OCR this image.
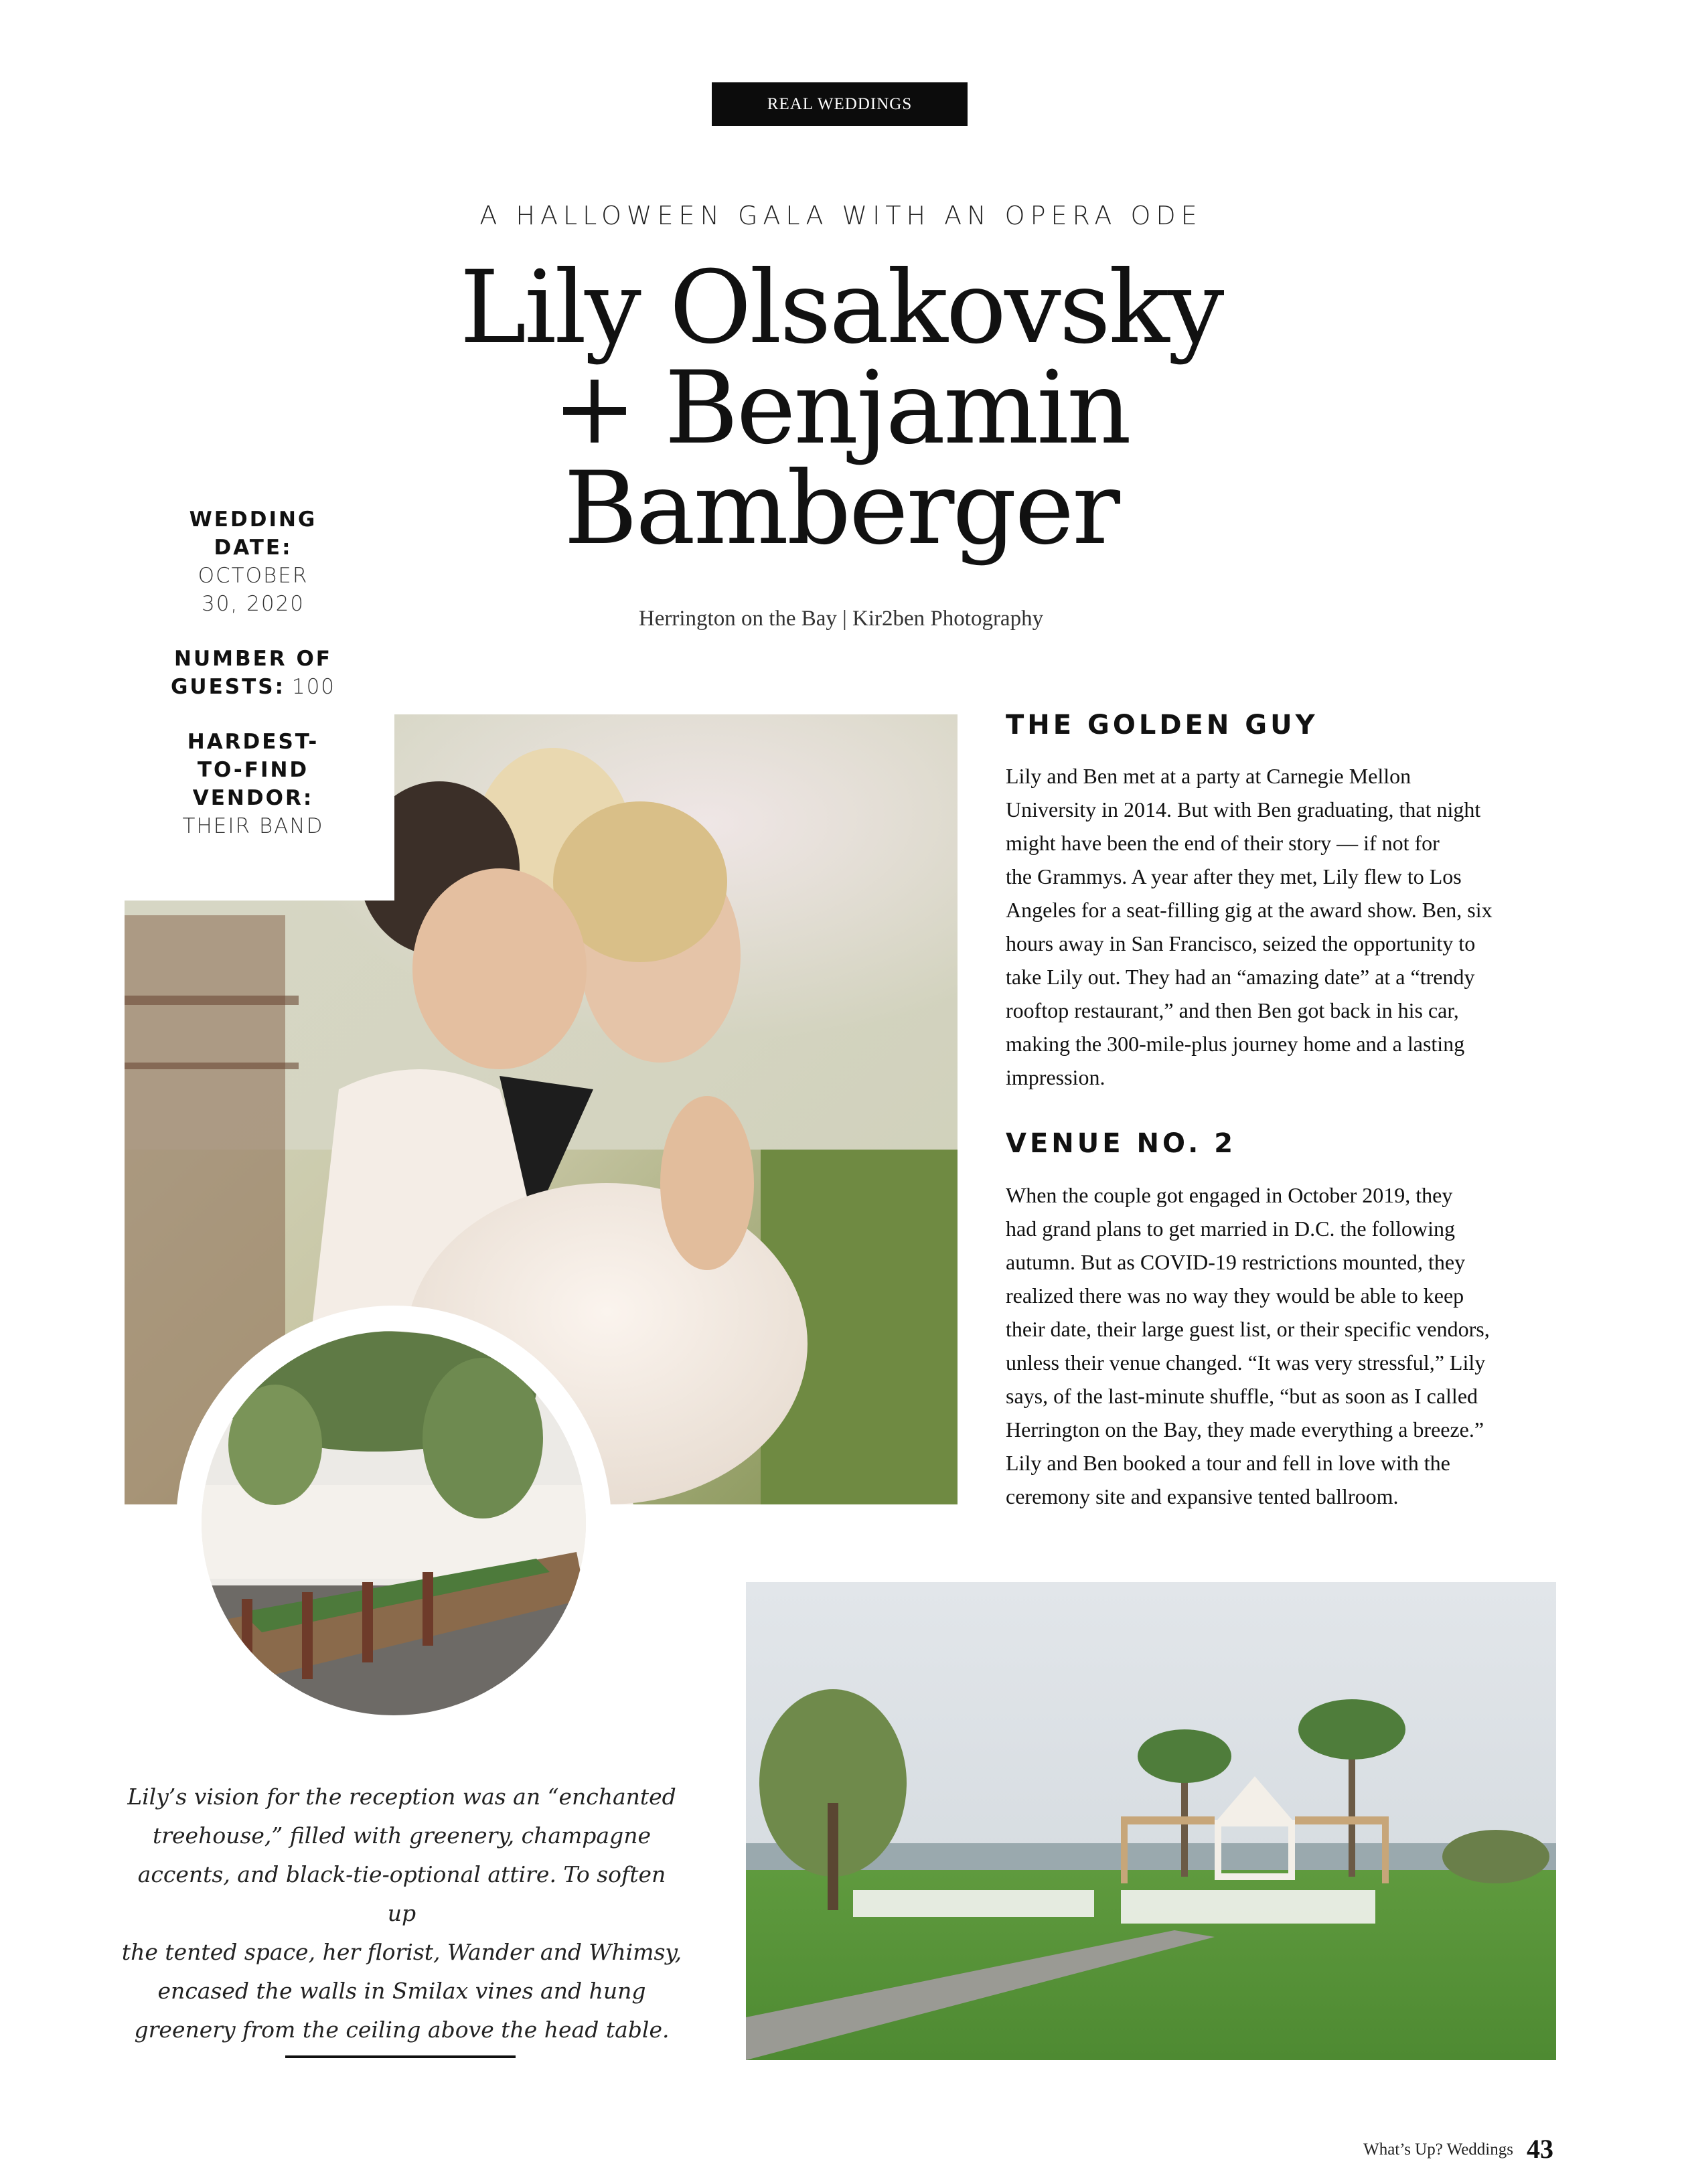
REAL WEDDINGS
A HALLOWEEN GALA WITH AN OPERA ODE
Lily Olsakovsky
+ Benjamin
Bamberger
Herrington on the Bay | Kir2ben Photography
WEDDING
DATE:
OCTOBER
30, 2020
NUMBER OF
GUESTS: 100
HARDEST-
TO-FIND
VENDOR:
THEIR BAND
THE GOLDEN GUY
Lily and Ben met at a party at Carnegie Mellon
University in 2014. But with Ben graduating, that night
might have been the end of their story — if not for
the Grammys. A year after they met, Lily flew to Los
Angeles for a seat-filling gig at the award show. Ben, six
hours away in San Francisco, seized the opportunity to
take Lily out. They had an “amazing date” at a “trendy
rooftop restaurant,” and then Ben got back in his car,
making the 300-mile-plus journey home and a lasting
impression.
VENUE NO. 2
When the couple got engaged in October 2019, they
had grand plans to get married in D.C. the following
autumn. But as COVID-19 restrictions mounted, they
realized there was no way they would be able to keep
their date, their large guest list, or their specific vendors,
unless their venue changed. “It was very stressful,” Lily
says, of the last-minute shuffle, “but as soon as I called
Herrington on the Bay, they made everything a breeze.”
Lily and Ben booked a tour and fell in love with the
ceremony site and expansive tented ballroom.
Lily’s vision for the reception was an “enchanted
treehouse,” filled with greenery, champagne
accents, and black-tie-optional attire. To soften up
the tented space, her florist, Wander and Whimsy,
encased the walls in Smilax vines and hung
greenery from the ceiling above the head table.
What’s Up? Weddings 43
